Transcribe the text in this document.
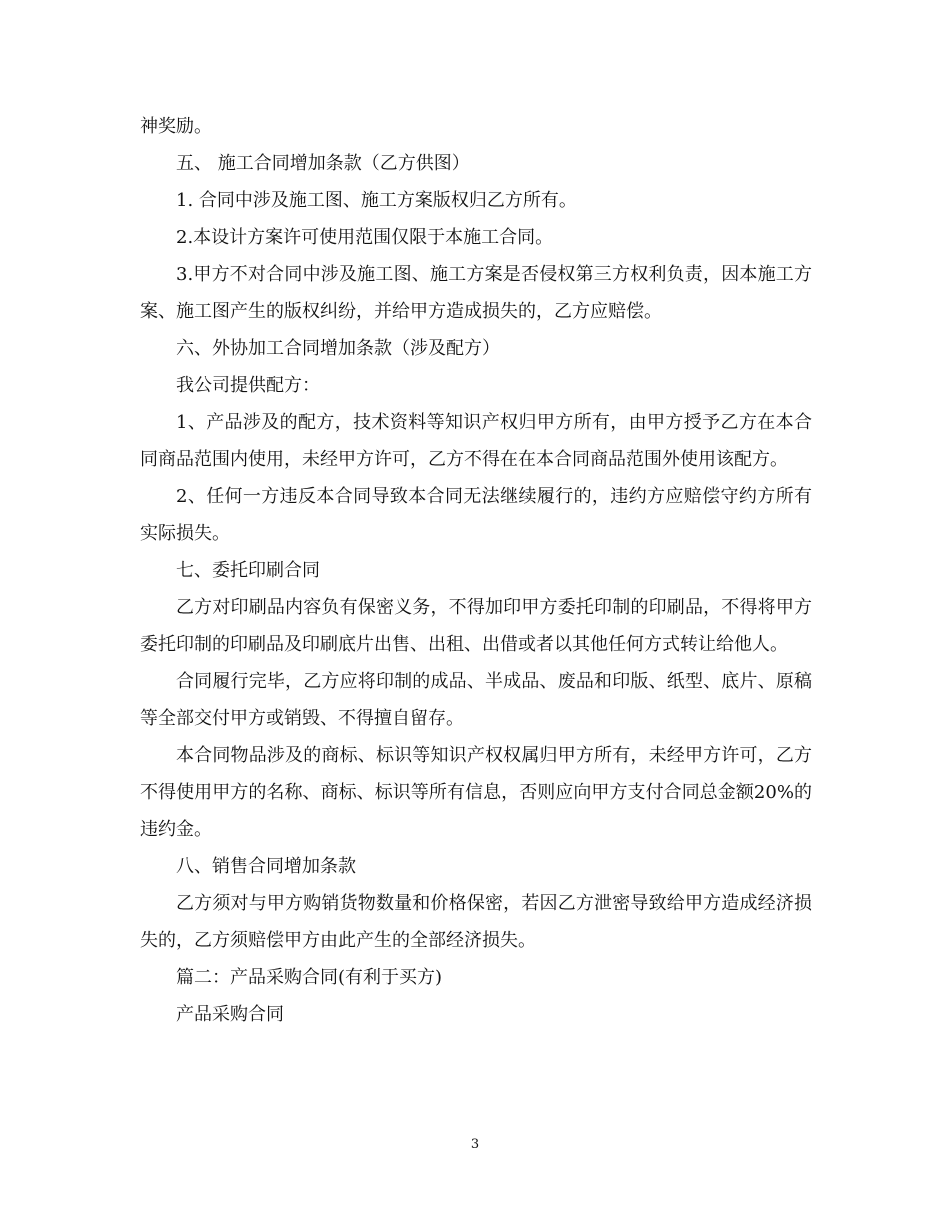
神奖励。

五、 施工合同增加条款（乙方供图）

1. 合同中涉及施工图、施工方案版权归乙方所有。

2.本设计方案许可使用范围仅限于本施工合同。

3.甲方不对合同中涉及施工图、施工方案是否侵权第三方权利负责，因本施工方案、施工图产生的版权纠纷，并给甲方造成损失的，乙方应赔偿。

六、外协加工合同增加条款（涉及配方）

我公司提供配方：

1、产品涉及的配方，技术资料等知识产权归甲方所有，由甲方授予乙方在本合同商品范围内使用，未经甲方许可，乙方不得在在本合同商品范围外使用该配方。

2、任何一方违反本合同导致本合同无法继续履行的，违约方应赔偿守约方所有实际损失。

七、委托印刷合同

乙方对印刷品内容负有保密义务，不得加印甲方委托印制的印刷品，不得将甲方委托印制的印刷品及印刷底片出售、出租、出借或者以其他任何方式转让给他人。

合同履行完毕，乙方应将印制的成品、半成品、废品和印版、纸型、底片、原稿等全部交付甲方或销毁、不得擅自留存。

本合同物品涉及的商标、标识等知识产权权属归甲方所有，未经甲方许可，乙方不得使用甲方的名称、商标、标识等所有信息，否则应向甲方支付合同总金额20%的违约金。

八、销售合同增加条款

乙方须对与甲方购销货物数量和价格保密，若因乙方泄密导致给甲方造成经济损失的，乙方须赔偿甲方由此产生的全部经济损失。

篇二：产品采购合同(有利于买方)

产品采购合同

3
